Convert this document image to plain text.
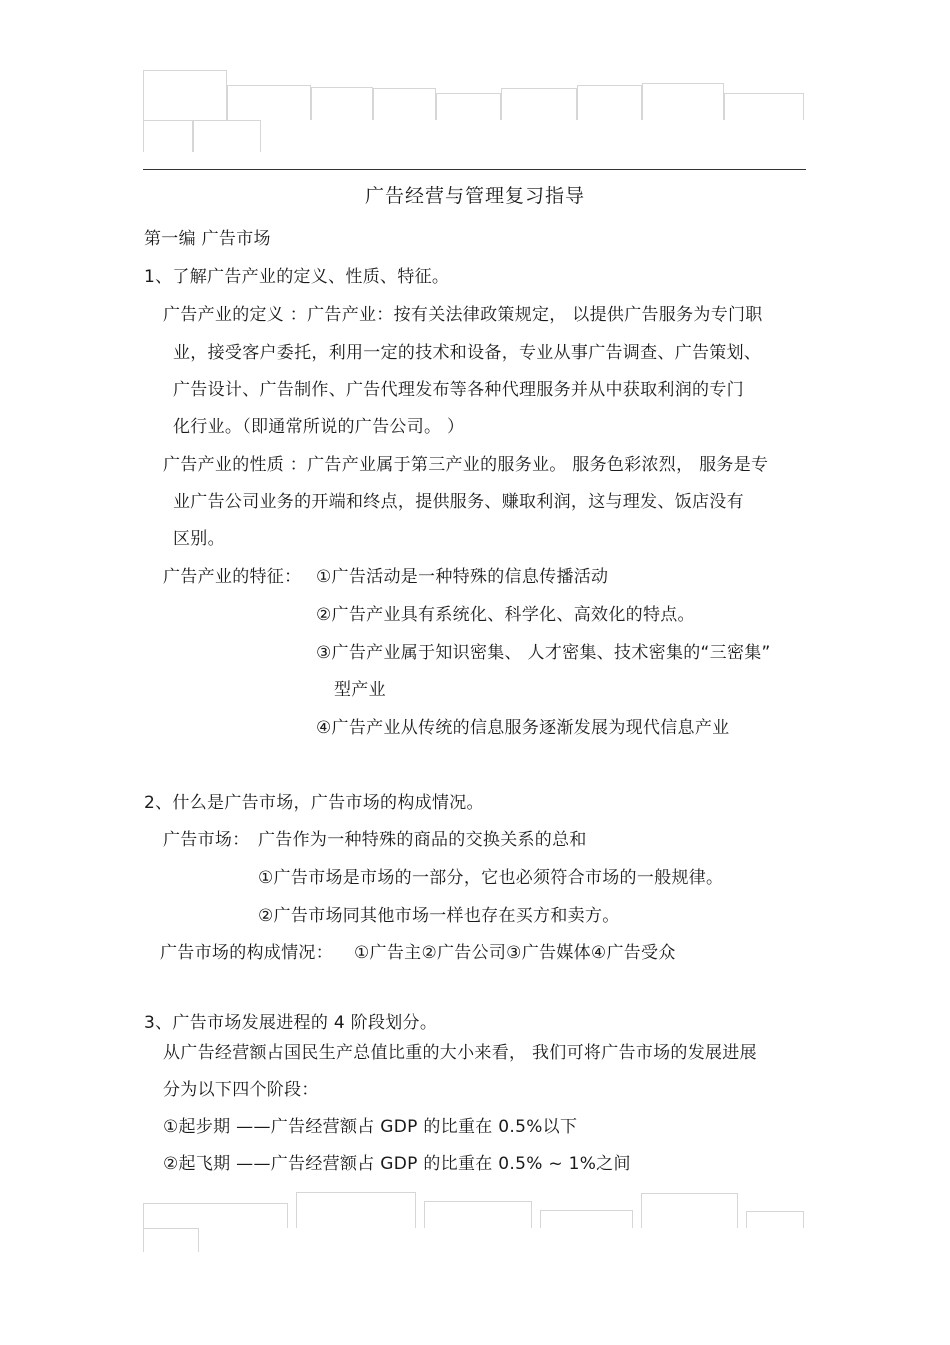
广告经营与管理复习指导
第一编 广告市场
1、了解广告产业的定义、性质、特征。
广告产业的定义 ：广告产业：按有关法律政策规定， 以提供广告服务为专门职
业，接受客户委托，利用一定的技术和设备，专业从事广告调查、广告策划、
广告设计、广告制作、广告代理发布等各种代理服务并从中获取利润的专门
化行业。（即通常所说的广告公司。 ）
广告产业的性质 ：广告产业属于第三产业的服务业。 服务色彩浓烈， 服务是专
业广告公司业务的开端和终点，提供服务、赚取利润，这与理发、饭店没有
区别。
广告产业的特征： ①广告活动是一种特殊的信息传播活动
②广告产业具有系统化、科学化、高效化的特点。
③广告产业属于知识密集、 人才密集、技术密集的“三密集”
型产业
④广告产业从传统的信息服务逐渐发展为现代信息产业
2、什么是广告市场，广告市场的构成情况。
广告市场： 广告作为一种特殊的商品的交换关系的总和
①广告市场是市场的一部分，它也必须符合市场的一般规律。
②广告市场同其他市场一样也存在买方和卖方。
广告市场的构成情况： ①广告主②广告公司③广告媒体④广告受众
3、广告市场发展进程的 4 阶段划分。
从广告经营额占国民生产总值比重的大小来看， 我们可将广告市场的发展进展
分为以下四个阶段：
①起步期 ——广告经营额占 GDP 的比重在 0.5%以下
②起飞期 ——广告经营额占 GDP 的比重在 0.5% ~ 1%之间
